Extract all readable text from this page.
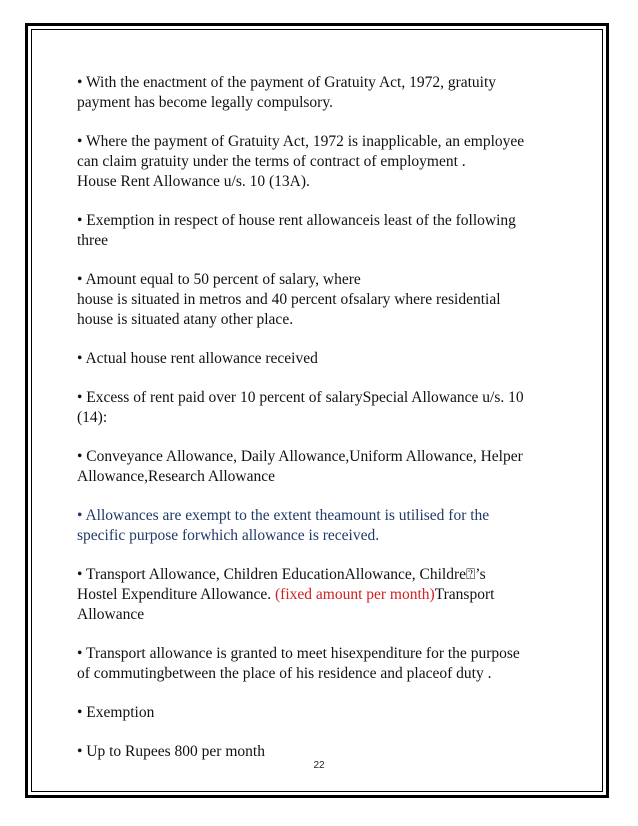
• With the enactment of the payment of Gratuity Act, 1972, gratuity
payment has become legally compulsory.

• Where the payment of Gratuity Act, 1972 is inapplicable, an employee
can claim gratuity under the terms of contract of employment .
House Rent Allowance u/s. 10 (13A).

• Exemption in respect of house rent allowanceis least of the following
three

• Amount equal to 50 percent of salary, where
house is situated in metros and 40 percent ofsalary where residential
house is situated atany other place.

• Actual house rent allowance received

• Excess of rent paid over 10 percent of salarySpecial Allowance u/s. 10
(14):

• Conveyance Allowance, Daily Allowance,Uniform Allowance, Helper
Allowance,Research Allowance

• Allowances are exempt to the extent theamount is utilised for the
specific purpose forwhich allowance is received.

• Transport Allowance, Children EducationAllowance, Childre⍰’s
Hostel Expenditure Allowance. (fixed amount per month)Transport
Allowance

• Transport allowance is granted to meet hisexpenditure for the purpose
of commutingbetween the place of his residence and placeof duty .

• Exemption

• Up to Rupees 800 per month

22
